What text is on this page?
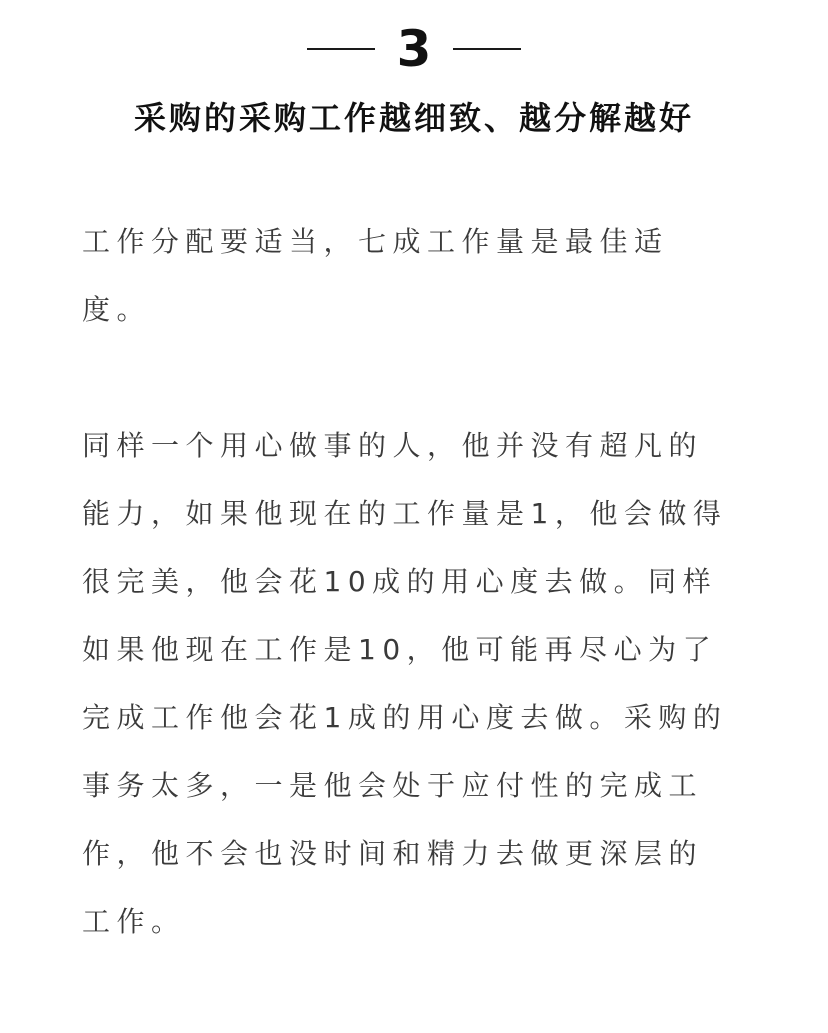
3
采购的采购工作越细致、越分解越好

工作分配要适当，七成工作量是最佳适
度。

同样一个用心做事的人，他并没有超凡的
能力，如果他现在的工作量是1，他会做得
很完美，他会花10成的用心度去做。同样
如果他现在工作是10，他可能再尽心为了
完成工作他会花1成的用心度去做。采购的
事务太多，一是他会处于应付性的完成工
作，他不会也没时间和精力去做更深层的
工作。
